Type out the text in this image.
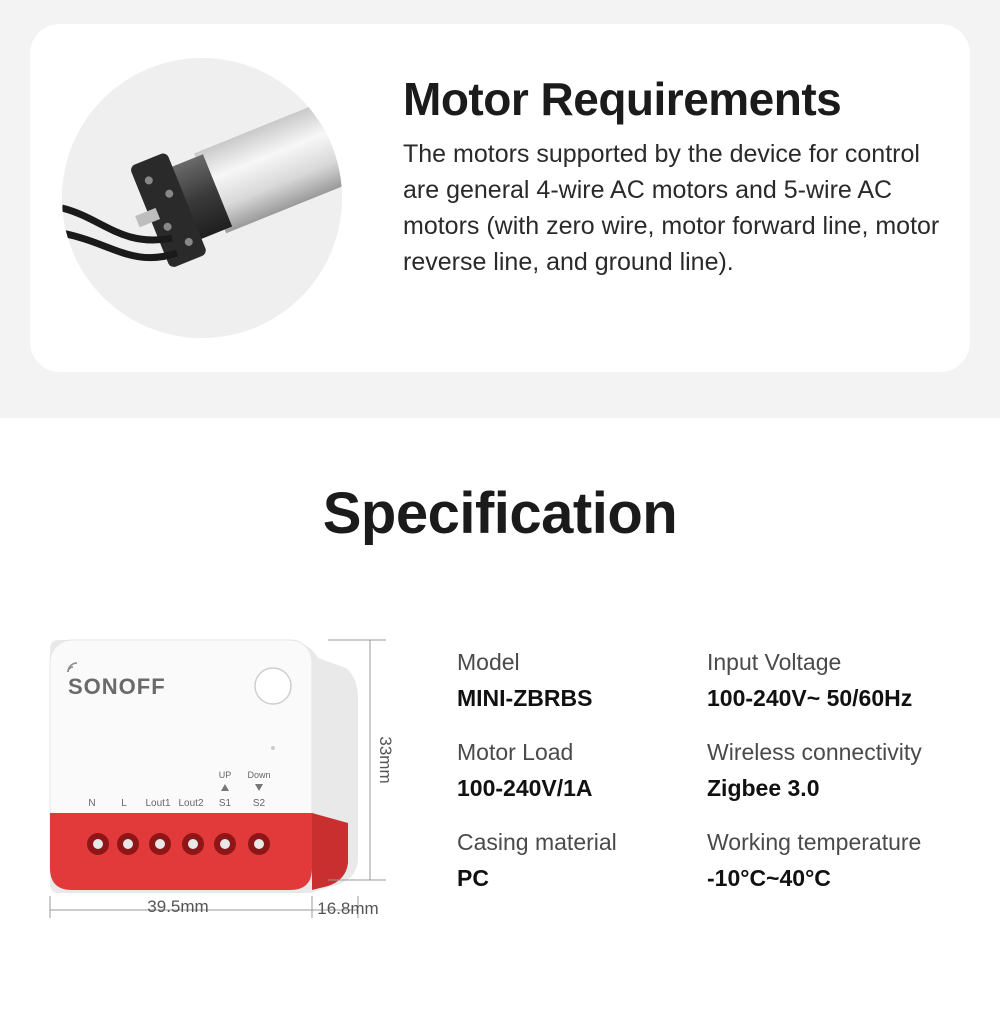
Motor Requirements

The motors supported by the device for control are general 4-wire AC motors and 5-wire AC motors (with zero wire, motor forward line, motor reverse line, and ground line).

Specification
SONOFF
N	L Lout1 Lout2 S1 S2
UP Down	33mm
39.5mm	16.8mm
Model
MINI-ZBRBS
Input Voltage
100-240V~ 50/60Hz
Motor Load
100-240V/1A
Wireless connectivity
Zigbee 3.0
Casing material
PC
Working temperature
-10°C~40°C
